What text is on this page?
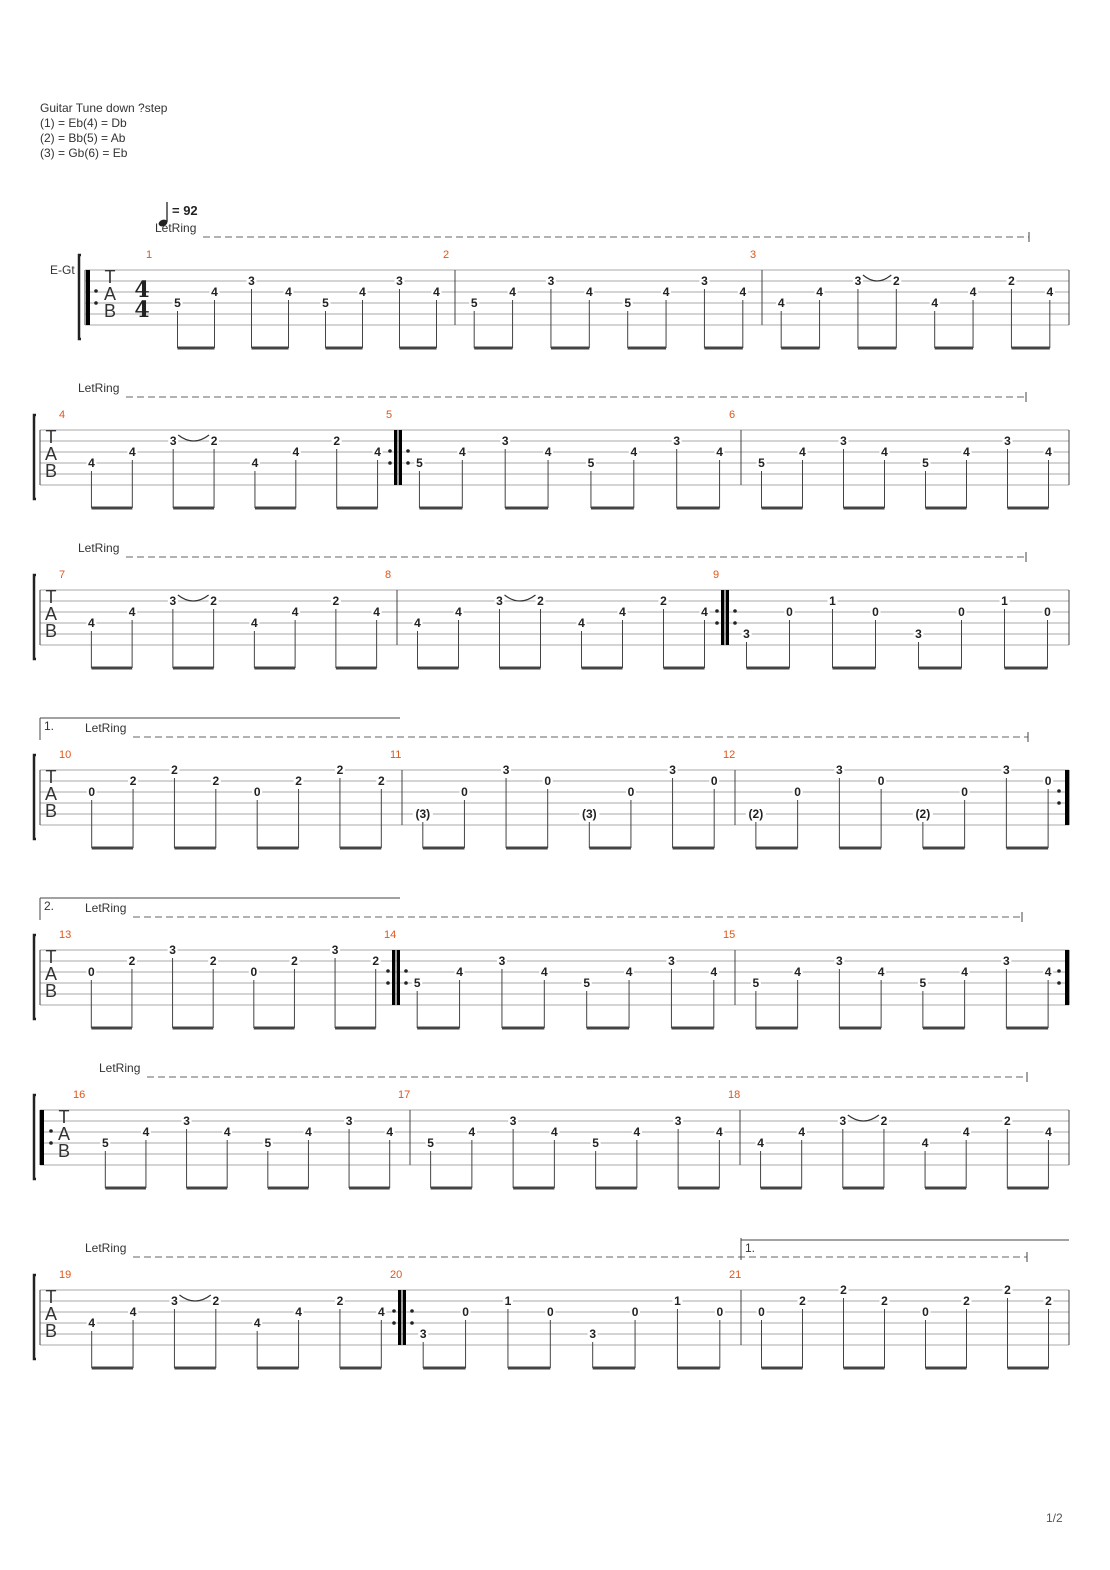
Guitar Tune down ?step
(1) = Eb(4) = Db
(2) = Bb(5) = Ab
(3) = Gb(6) = Eb
= 92
E-Gt
LetRing
T
A
B
4
4
1
5
4
3
4
5
4
3
4
2
5
4
3
4
5
4
3
4
3
4
4
3	2
4
4
2
4
LetRing
T
A
B
4
4
4
3	2
4
4
2
4
5
5
4
3
4
5
4
3
4
6
5
4
3
4
5
4
3
4
LetRing
T
A
B
7
4
4
3	2
4
4
2
4
8
4
4
3	2
4
4
2
4
9
3
0
1
0
3
0
1
0
LetRing
1.
T
A
B
10
0
2
2
2
0
2
2
2
11
(3)
0
3
0
(3)
0
3
0
12
(2)
0
3
0
(2)
0
3
0
LetRing
2.
T
A
B
13
0
2
3
2
0
2
3
2
14
5
4
3
4
5
4
3
4
15
5
4
3
4
5
4
3
4
LetRing
T
A
B
16
5
4
3
4
5
4
3
4
17
5
4
3
4
5
4
3
4
18
4
4
3	2
4
4
2
4
LetRing	1.
T
A
B
19
4
4
3	2
4
4
2
4
20
3
0
1
0
3
0
1
0
21
0
2
2
2
0
2
2
2
1/2
